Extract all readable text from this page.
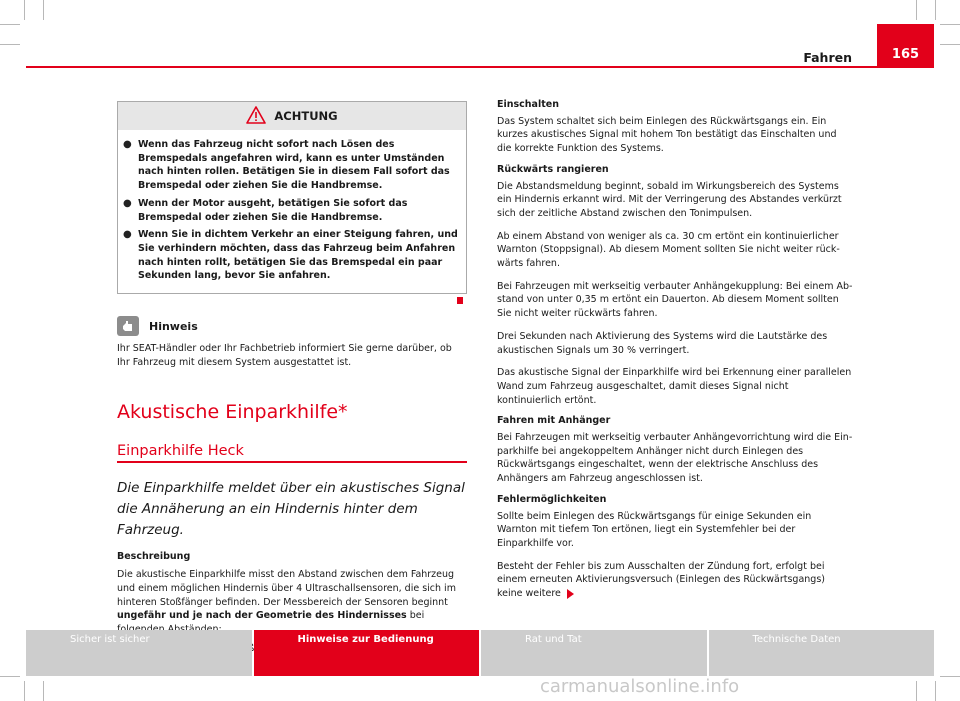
Fahren	165
ACHTUNG
● Wenn das Fahrzeug nicht sofort nach Lösen des Bremspedals angefahren wird, kann es unter Umständen nach hinten rollen. Betätigen Sie in diesem Fall sofort das Bremspedal oder ziehen Sie die Handbremse.
● Wenn der Motor ausgeht, betätigen Sie sofort das Bremspedal oder ziehen Sie die Handbremse.
● Wenn Sie in dichtem Verkehr an einer Steigung fahren, und Sie verhindern möchten, dass das Fahrzeug beim Anfahren nach hinten rollt, betätigen Sie das Bremspedal ein paar Sekunden lang, bevor Sie anfahren.
Hinweis
Ihr SEAT-Händler oder Ihr Fachbetrieb informiert Sie gerne darüber, ob Ihr Fahrzeug mit diesem System ausgestattet ist.
Akustische Einparkhilfe*
Einparkhilfe Heck
Die Einparkhilfe meldet über ein akustisches Signal die Annäherung an ein Hindernis hinter dem Fahrzeug.
Beschreibung
Die akustische Einparkhilfe misst den Abstand zwischen dem Fahrzeug und einem möglichen Hindernis über 4 Ultraschallsensoren, die sich im hinteren Stoßfänger befinden. Der Messbereich der Sensoren beginnt ungefähr und je nach der Geometrie des Hindernisses bei
Einschalten
Das System schaltet sich beim Einlegen des Rückwärtsgangs ein. Ein kurzes akustisches Signal mit hohem Ton bestätigt das Einschalten und die korrekte Funktion des Systems.
Rückwärts rangieren
Die Abstandsmeldung beginnt, sobald im Wirkungsbereich des Systems ein Hindernis erkannt wird. Mit der Verringerung des Abstandes verkürzt sich der zeitliche Abstand zwischen den Tonimpulsen.
Ab einem Abstand von weniger als ca. 30 cm ertönt ein kontinuierlicher Warnton (Stoppsignal). Ab diesem Moment sollten Sie nicht weiter rückwärts fahren.
Bei Fahrzeugen mit werkseitig verbauter Anhängekupplung: Bei einem Abstand von unter 0,35 m ertönt ein Dauerton. Ab diesem Moment sollten Sie nicht weiter rückwärts fahren.
Drei Sekunden nach Aktivierung des Systems wird die Lautstärke des akustischen Signals um 30 % verringert.
Das akustische Signal der Einparkhilfe wird bei Erkennung einer parallelen Wand zum Fahrzeug ausgeschaltet, damit dieses Signal nicht kontinuierlich ertönt.
Fahren mit Anhänger
Bei Fahrzeugen mit werkseitig verbauter Anhängevorrichtung wird die Einparkhilfe bei angekoppeltem Anhänger nicht durch Einlegen des Rückwärtsgangs eingeschaltet, wenn der elektrische Anschluss des Anhängers am Fahrzeug angeschlossen ist.
Fehlermöglichkeiten
Sollte beim Einlegen des Rückwärtsgangs für einige Sekunden ein Warnton mit tiefem Ton ertönen, liegt ein Systemfehler bei der Einparkhilfe vor.
Besteht der Fehler bis zum Ausschalten der Zündung fort, erfolgt bei einem erneuten Aktivierungsversuch (Einlegen des Rückwärtsgangs) keine weitere
Sicher ist sicher	Hinweise zur Bedienung	Rat und Tat	Technische Daten
carmanualsonline.info
